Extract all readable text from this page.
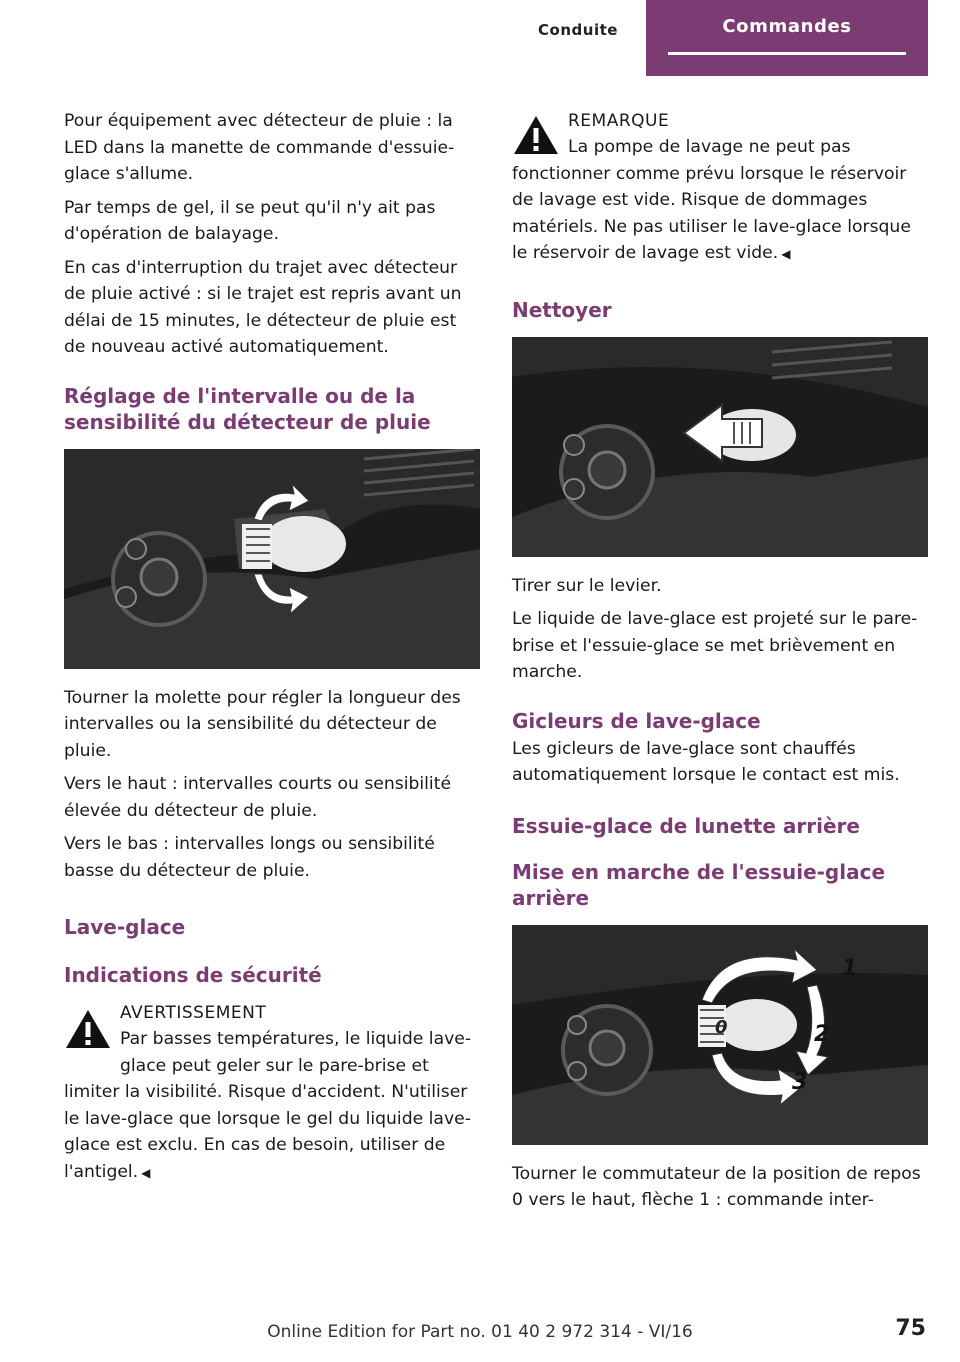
Conduite	Commandes

Pour équipement avec détecteur de pluie : la LED dans la manette de commande d'essuie-glace s'allume.

Par temps de gel, il se peut qu'il n'y ait pas d'opération de balayage.

En cas d'interruption du trajet avec détecteur de pluie activé : si le trajet est repris avant un délai de 15 minutes, le détecteur de pluie est de nouveau activé automatiquement.

Réglage de l'intervalle ou de la sensibilité du détecteur de pluie

Tourner la molette pour régler la longueur des intervalles ou la sensibilité du détecteur de pluie.

Vers le haut : intervalles courts ou sensibilité élevée du détecteur de pluie.

Vers le bas : intervalles longs ou sensibilité basse du détecteur de pluie.

Lave-glace
Indications de sécurité
AVERTISSEMENT
Par basses températures, le liquide lave-glace peut geler sur le pare-brise et limiter la visibilité. Risque d'accident. N'utiliser le lave-glace que lorsque le gel du liquide lave-glace est exclu. En cas de besoin, utiliser de l'antigel. ◀
REMARQUE
La pompe de lavage ne peut pas fonctionner comme prévu lorsque le réservoir de lavage est vide. Risque de dommages matériels. Ne pas utiliser le lave-glace lorsque le réservoir de lavage est vide. ◀
Nettoyer

Tirer sur le levier.

Le liquide de lave-glace est projeté sur le pare-brise et l'essuie-glace se met brièvement en marche.

Gicleurs de lave-glace

Les gicleurs de lave-glace sont chauffés automatiquement lorsque le contact est mis.

Essuie-glace de lunette arrière
Mise en marche de l'essuie-glace arrière
0
1
2
3

Tourner le commutateur de la position de repos 0 vers le haut, flèche 1 : commande inter-

Online Edition for Part no. 01 40 2 972 314 - VI/16	75
